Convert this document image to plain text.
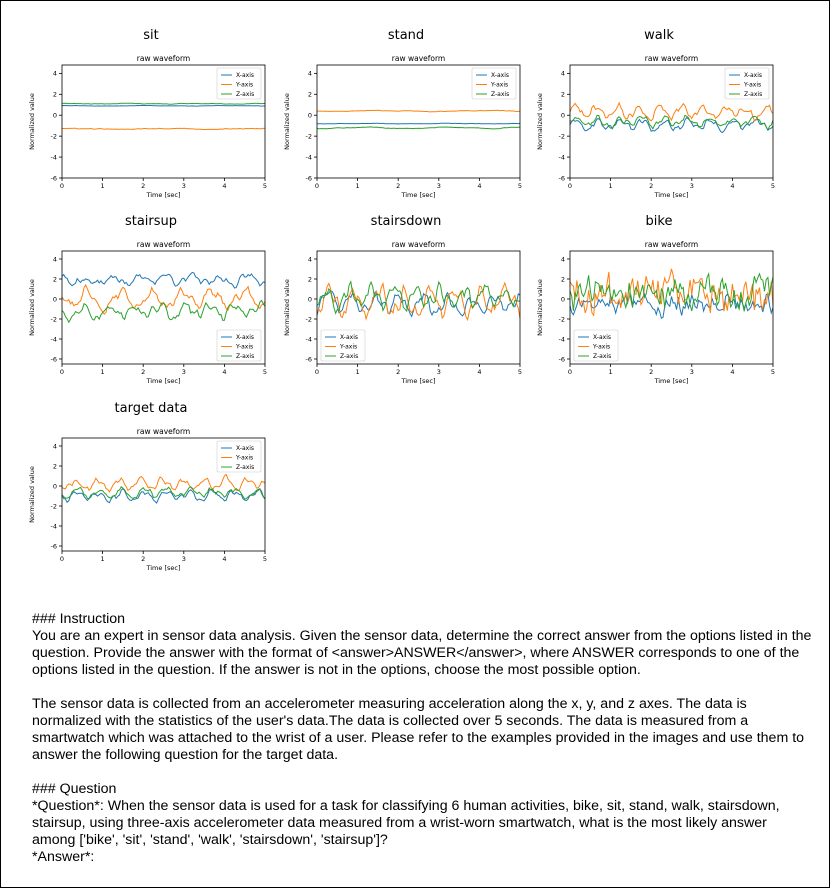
sit	stand	walk
stairsup	stairsdown	bike
target data
raw waveform
0	1	2	3	4	5
-6
-4
-2
0
2
4
Time [sec]
Normalized value
X-axis
Y-axis
Z-axis
raw waveform
0	1	2	3	4	5
-6
-4
-2
0
2
4
Time [sec]
Normalized value
X-axis
Y-axis
Z-axis
raw waveform
0	1	2	3	4	5
-6
-4
-2
0
2
4
Time [sec]
Normalized value
X-axis
Y-axis
Z-axis
raw waveform
0	1	2	3	4	5
-6
-4
-2
0
2
4
Time [sec]
Normalized value
X-axis
Y-axis
Z-axis
raw waveform
0	1	2	3	4	5
-6
-4
-2
0
2
4
Time [sec]
Normalized value
X-axis
Y-axis
Z-axis
raw waveform
0	1	2	3	4	5
-6
-4
-2
0
2
4
Time [sec]
Normalized value
X-axis
Y-axis
Z-axis
raw waveform
0	1	2	3	4	5
-6
-4
-2
0
2
4
Time [sec]
Normalized value
X-axis
Y-axis
Z-axis

### Instruction

You are an expert in sensor data analysis. Given the sensor data, determine the correct answer from the options listed in the question. Provide the answer with the format of <answer>ANSWER</answer>, where ANSWER corresponds to one of the options listed in the question. If the answer is not in the options, choose the most possible option.

The sensor data is collected from an accelerometer measuring acceleration along the x, y, and z axes. The data is normalized with the statistics of the user's data.The data is collected over 5 seconds. The data is measured from a smartwatch which was attached to the wrist of a user. Please refer to the examples provided in the images and use them to answer the following question for the target data.

### Question

*Question*: When the sensor data is used for a task for classifying 6 human activities, bike, sit, stand, walk, stairsdown, stairsup, using three-axis accelerometer data measured from a wrist-worn smartwatch, what is the most likely answer among ['bike', 'sit', 'stand', 'walk', 'stairsdown', 'stairsup']?

*Answer*:
